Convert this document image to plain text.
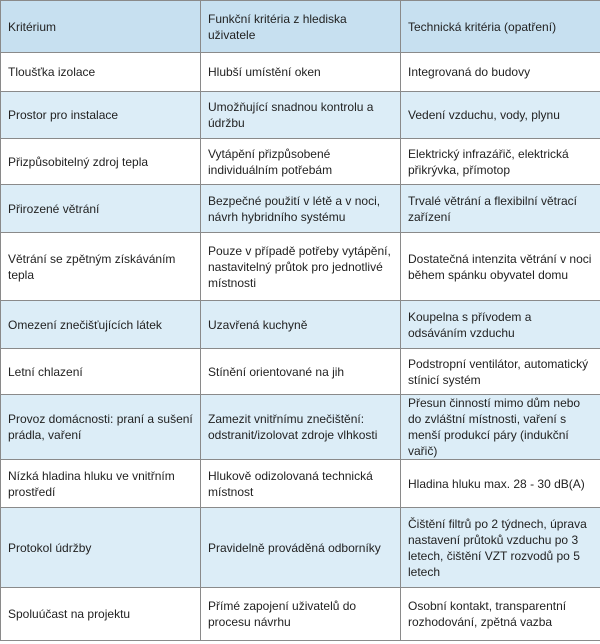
Kritérium	Funkční kritéria z hlediska uživatele	Technická kritéria (opatření)
Tloušťka izolace	Hlubší umístění oken	Integrovaná do budovy
Prostor pro instalace	Umožňující snadnou kontrolu a údržbu	Vedení vzduchu, vody, plynu
Přizpůsobitelný zdroj tepla	Vytápění přizpůsobené individuálním potřebám	Elektrický infrazářič, elektrická přikrývka, přímotop
Přirozené větrání	Bezpečné použití v létě a v noci, návrh hybridního systému	Trvalé větrání a flexibilní větrací zařízení
Větrání se zpětným získáváním tepla	Pouze v případě potřeby vytápění, nastavitelný průtok pro jednotlivé místnosti	Dostatečná intenzita větrání v noci během spánku obyvatel domu
Omezení znečišťujících látek	Uzavřená kuchyně	Koupelna s přívodem a odsáváním vzduchu
Letní chlazení	Stínění orientované na jih	Podstropní ventilátor, automatický stínicí systém
Provoz domácnosti: praní a sušení prádla, vaření	Zamezit vnitřnímu znečištění: odstranit/izolovat zdroje vlhkosti	Přesun činností mimo dům nebo do zvláštní místnosti, vaření s menší produkcí páry (indukční vařič)
Nízká hladina hluku ve vnitřním prostředí	Hlukově odizolovaná technická místnost	Hladina hluku max. 28 - 30 dB(A)
Protokol údržby	Pravidelně prováděná odborníky	Čištění filtrů po 2 týdnech, úprava nastavení průtoků vzduchu po 3 letech, čištění VZT rozvodů po 5 letech
Spoluúčast na projektu	Přímé zapojení uživatelů do procesu návrhu	Osobní kontakt, transparentní rozhodování, zpětná vazba
